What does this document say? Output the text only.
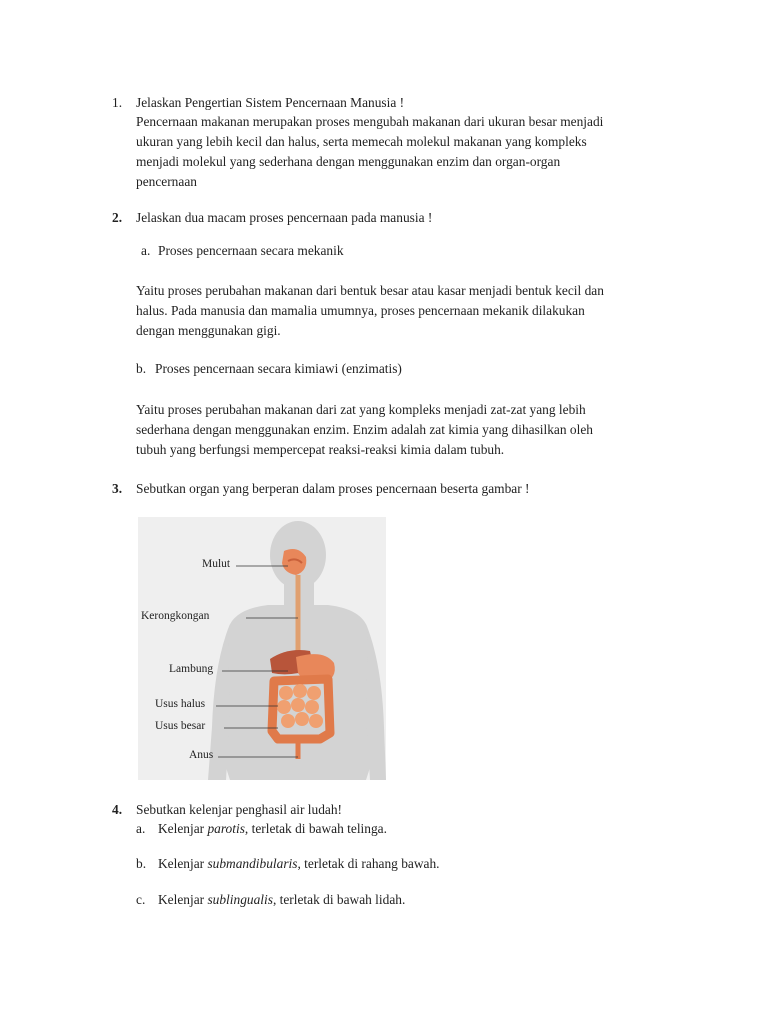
1. Jelaskan Pengertian Sistem Pencernaan Manusia !
Pencernaan makanan merupakan proses mengubah makanan dari ukuran besar menjadi
ukuran yang lebih kecil dan halus, serta memecah molekul makanan yang kompleks
menjadi molekul yang sederhana dengan menggunakan enzim dan organ-organ
pencernaan
2. Jelaskan dua macam proses pencernaan pada manusia !
a. Proses pencernaan secara mekanik
Yaitu proses perubahan makanan dari bentuk besar atau kasar menjadi bentuk kecil dan
halus. Pada manusia dan mamalia umumnya, proses pencernaan mekanik dilakukan
dengan menggunakan gigi.
b. Proses pencernaan secara kimiawi (enzimatis)
Yaitu proses perubahan makanan dari zat yang kompleks menjadi zat-zat yang lebih
sederhana dengan menggunakan enzim. Enzim adalah zat kimia yang dihasilkan oleh
tubuh yang berfungsi mempercepat reaksi-reaksi kimia dalam tubuh.
3. Sebutkan organ yang berperan dalam proses pencernaan beserta gambar !
Mulut
Kerongkongan
Lambung
Usus halus
Usus besar
Anus
4. Sebutkan kelenjar penghasil air ludah!
a. Kelenjar parotis, terletak di bawah telinga.
b. Kelenjar submandibularis, terletak di rahang bawah.
c. Kelenjar sublingualis, terletak di bawah lidah.
